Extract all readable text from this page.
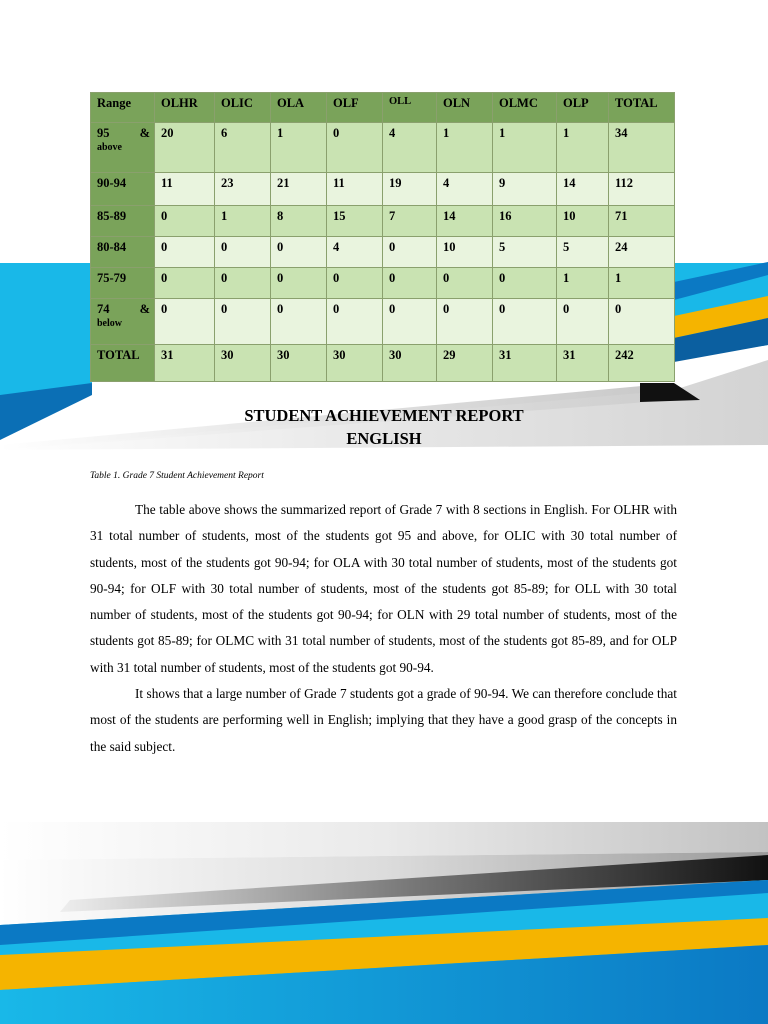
Range	OLHR	OLIC	OLA	OLF	OLL	OLN	OLMC	OLP	TOTAL

95 &
above	20	6	1	0	4	1	1	1	34
90-94	11	23	21	11	19	4	9	14	112
85-89	0	1	8	15	7	14	16	10	71
80-84	0	0	0	4	0	10	5	5	24
75-79	0	0	0	0	0	0	0	1	1

74 &
below	0	0	0	0	0	0	0	0	0
TOTAL	31	30	30	30	30	29	31	31	242
STUDENT ACHIEVEMENT REPORT
ENGLISH
Table 1. Grade 7 Student Achievement Report

The table above shows the summarized report of Grade 7 with 8 sections in English. For OLHR with 31 total number of students, most of the students got 95 and above, for OLIC with 30 total number of students, most of the students got 90-94; for OLA with 30 total number of students, most of the students got 90-94; for OLF with 30 total number of students, most of the students got 85-89; for OLL with 30 total number of students, most of the students got 90-94; for OLN with 29 total number of students, most of the students got 85-89; for OLMC with 31 total number of students, most of the students got 85-89, and for OLP with 31 total number of students, most of the students got 90-94.

It shows that a large number of Grade 7 students got a grade of 90-94. We can therefore conclude that most of the students are performing well in English; implying that they have a good grasp of the concepts in the said subject.
